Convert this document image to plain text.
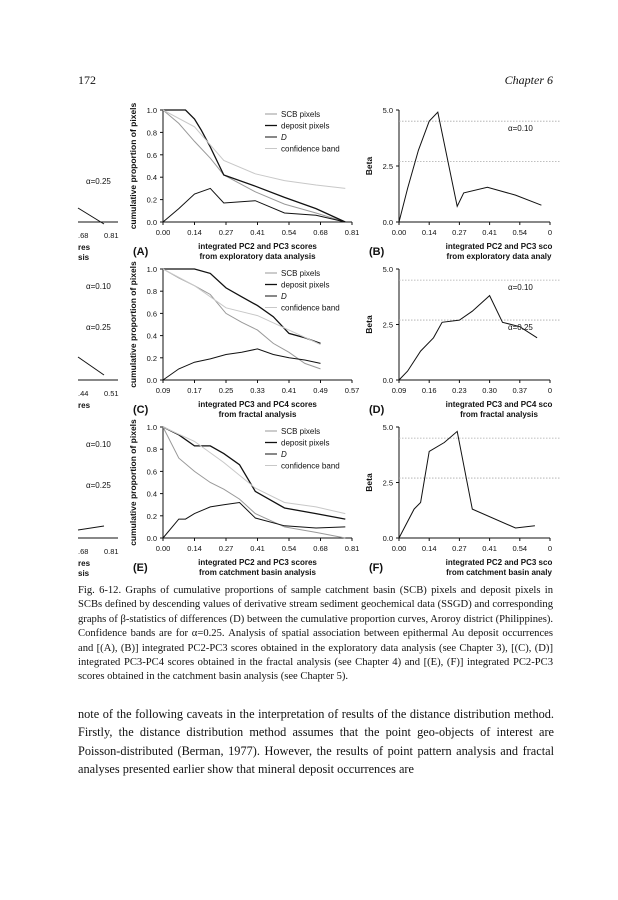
172	Chapter 6
α=0.25
.68 0.81
res
sis
α=0.10
α=0.25
.44 0.51
res
α=0.10
α=0.25
.68 0.81
res
sis
0.0
0.2
0.4
0.6
0.8
1.0
0.00 0.14 0.27 0.41 0.54 0.68 0.81
cumulative proportion of pixels	SCB pixels
deposit pixels
D
confidence band
(A)	integrated PC2 and PC3 scores
from exploratory data analysis
0.0
2.5
5.0
0.00 0.14 0.27 0.41 0.54	0
Beta
α=0.10
(B)	integrated PC2 and PC3 sco
from exploratory data analy
0.0
0.2
0.4
0.6
0.8
1.0
0.09 0.17 0.25 0.33 0.41 0.49 0.57
cumulative proportion of pixels	SCB pixels
deposit pixels
D
confidence band
(C)	integrated PC3 and PC4 scores
from fractal analysis
0.0
2.5
5.0
0.09 0.16 0.23 0.30 0.37	0
Beta
α=0.10
α=0.25
(D)	integrated PC3 and PC4 sco
from fractal analysis
0.0
0.2
0.4
0.6
0.8
1.0
0.00 0.14 0.27 0.41 0.54 0.68 0.81
cumulative proportion of pixels	SCB pixels
deposit pixels
D
confidence band
(E)	integrated PC2 and PC3 scores
from catchment basin analysis
0.0
2.5
5.0
0.00 0.14 0.27 0.41 0.54	0
Beta
(F)	integrated PC2 and PC3 sco
from catchment basin analy
Fig. 6-12. Graphs of cumulative proportions of sample catchment basin (SCB) pixels and deposit pixels in SCBs defined by descending values of derivative stream sediment geochemical data (SSGD) and corresponding graphs of β-statistics of differences (D) between the cumulative proportion curves, Aroroy district (Philippines). Confidence bands are for α=0.25. Analysis of spatial association between epithermal Au deposit occurrences and [(A), (B)] integrated PC2-PC3 scores obtained in the exploratory data analysis (see Chapter 3), [(C), (D)] integrated PC3-PC4 scores obtained in the fractal analysis (see Chapter 4) and [(E), (F)] integrated PC2-PC3 scores obtained in the catchment basin analysis (see Chapter 5).
note of the following caveats in the interpretation of results of the distance distribution method. Firstly, the distance distribution method assumes that the point geo-objects of interest are Poisson-distributed (Berman, 1977). However, the results of point pattern analysis and fractal analyses presented earlier show that mineral deposit occurrences are
